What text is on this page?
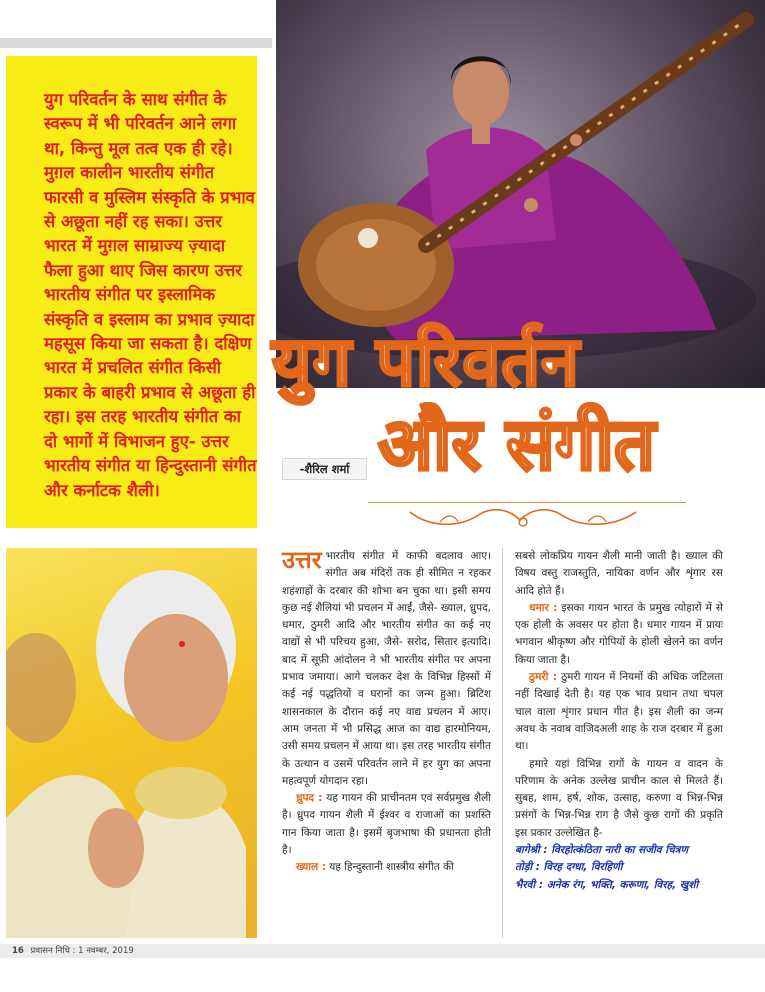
युग परिवर्तन के साथ संगीत के स्वरूप में भी परिवर्तन आने लगा था, किन्तु मूल तत्व एक ही रहे। मुग़ल कालीन भारतीय संगीत फारसी व मुस्लिम संस्कृति के प्रभाव से अछूता नहीं रह सका। उत्तर भारत में मुग़ल साम्राज्य ज़्यादा फैला हुआ थाए जिस कारण उत्तर भारतीय संगीत पर इस्लामिक संस्कृति व इस्लाम का प्रभाव ज़्यादा महसूस किया जा सकता है। दक्षिण भारत में प्रचलित संगीत किसी प्रकार के बाहरी प्रभाव से अछूता ही रहा। इस तरह भारतीय संगीत का दो भागों में विभाजन हुए- उत्तर भारतीय संगीत या हिन्दुस्तानी संगीत और कर्नाटक शैली।
युग परिवर्तन
और संगीत
-शैरिल शर्मा

उत्तर भारतीय संगीत में काफी बदलाव आए। संगीत अब मंदिरों तक ही सीमित न रहकर शहंशाहों के दरबार की शोभा बन चुका था। इसी समय कुछ नई शैलियां भी प्रचलन में आईं, जैसे- ख्याल, ध्रुपद, धमार, ठुमरी आदि और भारतीय संगीत का कई नए वाद्यों से भी परिचय हुआ, जैसे- सरोद, सितार इत्यादि। बाद में सूफ़ी आंदोलन ने भी भारतीय संगीत पर अपना प्रभाव जमाया। आगे चलकर देश के विभिन्न हिस्सों में कई नई पद्धतियों व घरानों का जन्म हुआ। ब्रिटिश शासनकाल के दौरान कई नए वाद्य प्रचलन में आए। आम जनता में भी प्रसिद्ध आज का वाद्य हारमोनियम, उसी समय प्रचलन में आया था। इस तरह भारतीय संगीत के उत्थान व उसमें परिवर्तन लाने में हर युग का अपना महत्वपूर्ण योगदान रहा।

ध्रुपद : यह गायन की प्राचीनतम एवं सर्वप्रमुख शैली है। ध्रुपद गायन शैली में ईश्वर व राजाओं का प्रशस्ति गान किया जाता है। इसमें बृजभाषा की प्रधानता होती है।

ख्याल : यह हिन्दुस्तानी शास्त्रीय संगीत की

सबसे लोकप्रिय गायन शैली मानी जाती है। ख्याल की विषय वस्तु राजस्तुति, नायिका वर्णन और शृंगार रस आदि होते हैं।

धमार : इसका गायन भारत के प्रमुख त्योहारों में से एक होली के अवसर पर होता है। धमार गायन में प्रायः भगवान श्रीकृष्ण और गोपियों के होली खेलने का वर्णन किया जाता है।

ठुमरी : ठुमरी गायन में नियमों की अधिक जटिलता नहीं दिखाई देती है। यह एक भाव प्रधान तथा चपल चाल वाला शृंगार प्रधान गीत है। इस शैली का जन्म अवध के नवाब वाजिदअली शाह के राज दरबार में हुआ था।

हमारे यहां विभिन्न रागों के गायन व वादन के परिणाम के अनेक उल्लेख प्राचीन काल से मिलते हैं। सुबह, शाम, हर्ष, शोक, उत्साह, करुणा व भिन्न-भिन्न प्रसंगों के भिन्न-भिन्न राग है जैसे कुछ रागों की प्रकृति इस प्रकार उल्लेखित है-

बागेश्री : विरहोत्कंठिता नारी का सजीव चित्रण

तोड़ी : विरह दग्धा, विरहिणी

भैरवी : अनेक रंग, भक्ति, करूणा, विरह, खुशी

16 प्रवासन निधि : 1 नवम्बर, 2019
